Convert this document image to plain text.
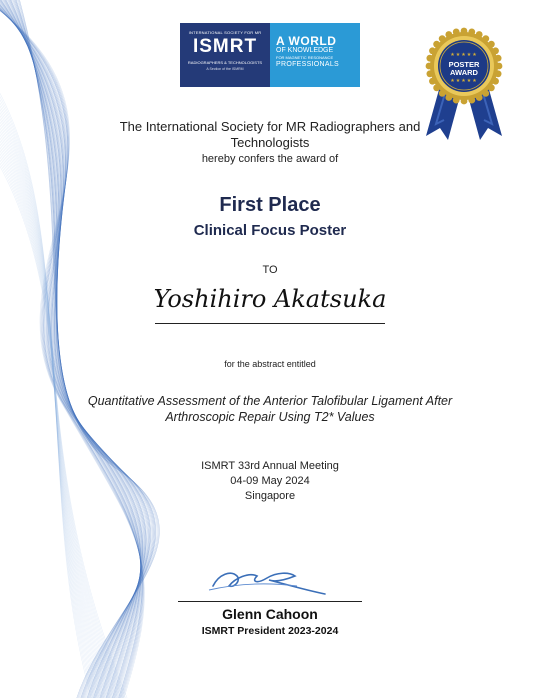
INTERNATIONAL SOCIETY FOR MR
ISMRT
RADIOGRAPHERS & TECHNOLOGISTS
A Section of the ISMRM
A WORLD
OF KNOWLEDGE
FOR MAGNETIC RESONANCE
PROFESSIONALS
★★★★★
POSTER
AWARD
★★★★★
The International Society for MR Radiographers and
Technologists
hereby confers the award of
First Place
Clinical Focus Poster
TO
Yoshihiro Akatsuka
for the abstract entitled
Quantitative Assessment of the Anterior Talofibular Ligament After
Arthroscopic Repair Using T2* Values
ISMRT 33rd Annual Meeting
04-09 May 2024
Singapore
Glenn Cahoon
ISMRT President 2023-2024
